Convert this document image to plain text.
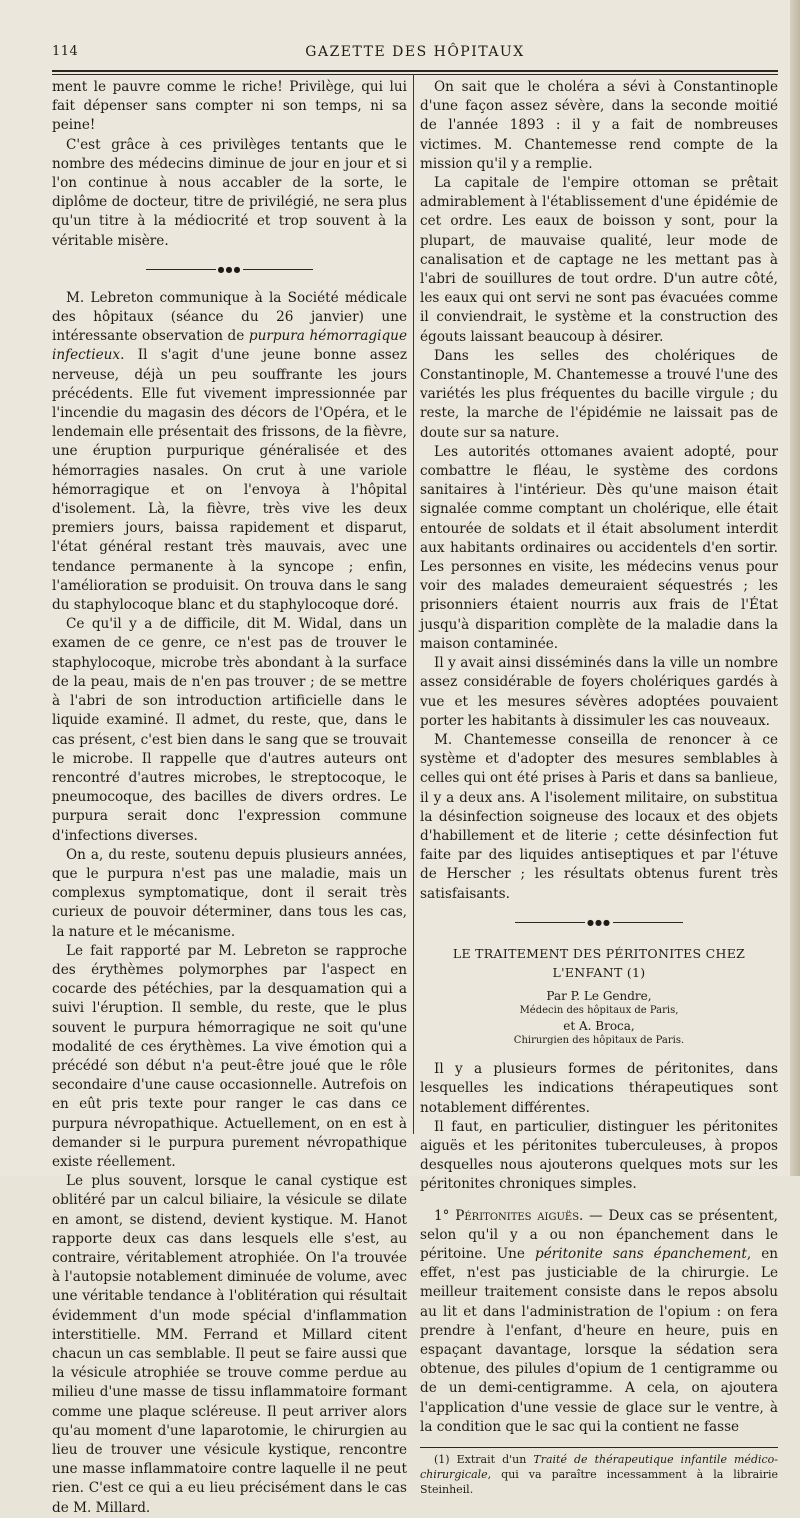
114	GAZETTE DES HÔPITAUX

ment le pauvre comme le riche! Privilège, qui lui fait dépenser sans compter ni son temps, ni sa peine!

C'est grâce à ces privilèges tentants que le nombre des médecins diminue de jour en jour et si l'on continue à nous accabler de la sorte, le diplôme de docteur, titre de privilégié, ne sera plus qu'un titre à la médiocrité et trop souvent à la véritable misère.

●●●

M. Lebreton communique à la Société médicale des hôpitaux (séance du 26 janvier) une intéressante observation de purpura hémorragique infectieux. Il s'agit d'une jeune bonne assez nerveuse, déjà un peu souffrante les jours précédents. Elle fut vivement impressionnée par l'incendie du magasin des décors de l'Opéra, et le lendemain elle présentait des frissons, de la fièvre, une éruption purpurique généralisée et des hémorragies nasales. On crut à une variole hémorragique et on l'envoya à l'hôpital d'isolement. Là, la fièvre, très vive les deux premiers jours, baissa rapidement et disparut, l'état général restant très mauvais, avec une tendance permanente à la syncope ; enfin, l'amélioration se produisit. On trouva dans le sang du staphylocoque blanc et du staphylocoque doré.

Ce qu'il y a de difficile, dit M. Widal, dans un examen de ce genre, ce n'est pas de trouver le staphylocoque, microbe très abondant à la surface de la peau, mais de n'en pas trouver ; de se mettre à l'abri de son introduction artificielle dans le liquide examiné. Il admet, du reste, que, dans le cas présent, c'est bien dans le sang que se trouvait le microbe. Il rappelle que d'autres auteurs ont rencontré d'autres microbes, le streptocoque, le pneumocoque, des bacilles de divers ordres. Le purpura serait donc l'expression commune d'infections diverses.

On a, du reste, soutenu depuis plusieurs années, que le purpura n'est pas une maladie, mais un complexus symptomatique, dont il serait très curieux de pouvoir déterminer, dans tous les cas, la nature et le mécanisme.

Le fait rapporté par M. Lebreton se rapproche des érythèmes polymorphes par l'aspect en cocarde des pétéchies, par la desquamation qui a suivi l'éruption. Il semble, du reste, que le plus souvent le purpura hémorragique ne soit qu'une modalité de ces érythèmes. La vive émotion qui a précédé son début n'a peut-être joué que le rôle secondaire d'une cause occasionnelle. Autrefois on en eût pris texte pour ranger le cas dans ce purpura névropathique. Actuellement, on en est à demander si le purpura purement névropathique existe réellement.

Le plus souvent, lorsque le canal cystique est oblitéré par un calcul biliaire, la vésicule se dilate en amont, se distend, devient kystique. M. Hanot rapporte deux cas dans lesquels elle s'est, au contraire, véritablement atrophiée. On l'a trouvée à l'autopsie notablement diminuée de volume, avec une véritable tendance à l'oblitération qui résultait évidemment d'un mode spécial d'inflammation interstitielle. MM. Ferrand et Millard citent chacun un cas semblable. Il peut se faire aussi que la vésicule atrophiée se trouve comme perdue au milieu d'une masse de tissu inflammatoire formant comme une plaque scléreuse. Il peut arriver alors qu'au moment d'une laparotomie, le chirurgien au lieu de trouver une vésicule kystique, rencontre une masse inflammatoire contre laquelle il ne peut rien. C'est ce qui a eu lieu précisément dans le cas de M. Millard.

On sait que le choléra a sévi à Constantinople d'une façon assez sévère, dans la seconde moitié de l'année 1893 : il y a fait de nombreuses victimes. M. Chantemesse rend compte de la mission qu'il y a remplie.

La capitale de l'empire ottoman se prêtait admirablement à l'établissement d'une épidémie de cet ordre. Les eaux de boisson y sont, pour la plupart, de mauvaise qualité, leur mode de canalisation et de captage ne les mettant pas à l'abri de souillures de tout ordre. D'un autre côté, les eaux qui ont servi ne sont pas évacuées comme il conviendrait, le système et la construction des égouts laissant beaucoup à désirer.

Dans les selles des cholériques de Constantinople, M. Chantemesse a trouvé l'une des variétés les plus fréquentes du bacille virgule ; du reste, la marche de l'épidémie ne laissait pas de doute sur sa nature.

Les autorités ottomanes avaient adopté, pour combattre le fléau, le système des cordons sanitaires à l'intérieur. Dès qu'une maison était signalée comme comptant un cholérique, elle était entourée de soldats et il était absolument interdit aux habitants ordinaires ou accidentels d'en sortir. Les personnes en visite, les médecins venus pour voir des malades demeuraient séquestrés ; les prisonniers étaient nourris aux frais de l'État jusqu'à disparition complète de la maladie dans la maison contaminée.

Il y avait ainsi disséminés dans la ville un nombre assez considérable de foyers cholériques gardés à vue et les mesures sévères adoptées pouvaient porter les habitants à dissimuler les cas nouveaux.

M. Chantemesse conseilla de renoncer à ce système et d'adopter des mesures semblables à celles qui ont été prises à Paris et dans sa banlieue, il y a deux ans. A l'isolement militaire, on substitua la désinfection soigneuse des locaux et des objets d'habillement et de literie ; cette désinfection fut faite par des liquides antiseptiques et par l'étuve de Herscher ; les résultats obtenus furent très satisfaisants.

●●●
LE TRAITEMENT DES PÉRITONITES CHEZ L'ENFANT (1)
Par P. Le Gendre,
Médecin des hôpitaux de Paris,
et A. Broca,
Chirurgien des hôpitaux de Paris.

Il y a plusieurs formes de péritonites, dans lesquelles les indications thérapeutiques sont notablement différentes.

Il faut, en particulier, distinguer les péritonites aiguës et les péritonites tuberculeuses, à propos desquelles nous ajouterons quelques mots sur les péritonites chroniques simples.

1° Péritonites aiguës. — Deux cas se présentent, selon qu'il y a ou non épanchement dans le péritoine. Une péritonite sans épanchement, en effet, n'est pas justiciable de la chirurgie. Le meilleur traitement consiste dans le repos absolu au lit et dans l'administration de l'opium : on fera prendre à l'enfant, d'heure en heure, puis en espaçant davantage, lorsque la sédation sera obtenue, des pilules d'opium de 1 centigramme ou de un demi-centigramme. A cela, on ajoutera l'application d'une vessie de glace sur le ventre, à la condition que le sac qui la contient ne fasse

(1) Extrait d'un Traité de thérapeutique infantile médico-chirurgicale, qui va paraître incessamment à la librairie Steinheil.
